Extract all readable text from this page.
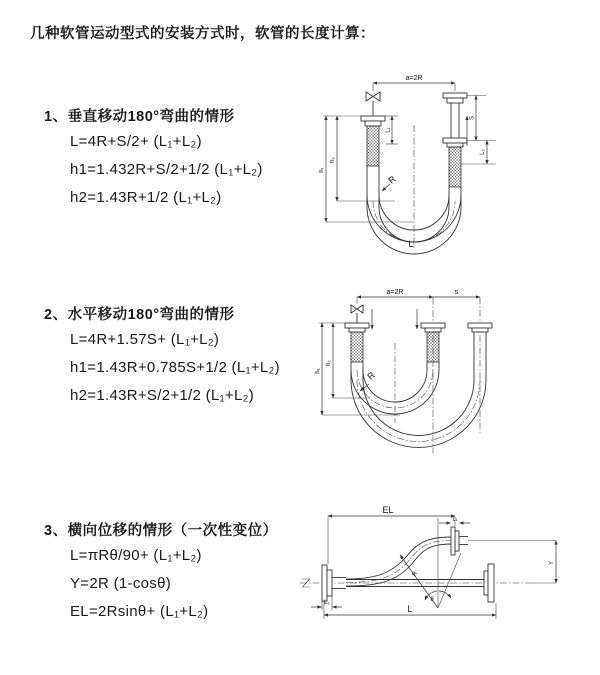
几种软管运动型式的安装方式时，软管的长度计算：
1、垂直移动180°弯曲的情形
L=4R+S/2+ (L₁+L₂)
h1=1.432R+S/2+1/2 (L₁+L₂)
h2=1.43R+1/2 (L₁+L₂)
2、水平移动180°弯曲的情形
L=4R+1.57S+ (L₁+L₂)
h1=1.43R+0.785S+1/2 (L₁+L₂)
h2=1.43R+S/2+1/2 (L₁+L₂)
3、横向位移的情形（一次性变位）
L=πRθ/90+ (L₁+L₂)
Y=2R (1-cosθ)
EL=2Rsinθ+ (L₁+L₂)
a=2R
S
L₂
L₁
h₁
h₂
R
L
a=2R	s
h₁
h₂
R
EL
L₁
Y
R
θ
L
L₂
